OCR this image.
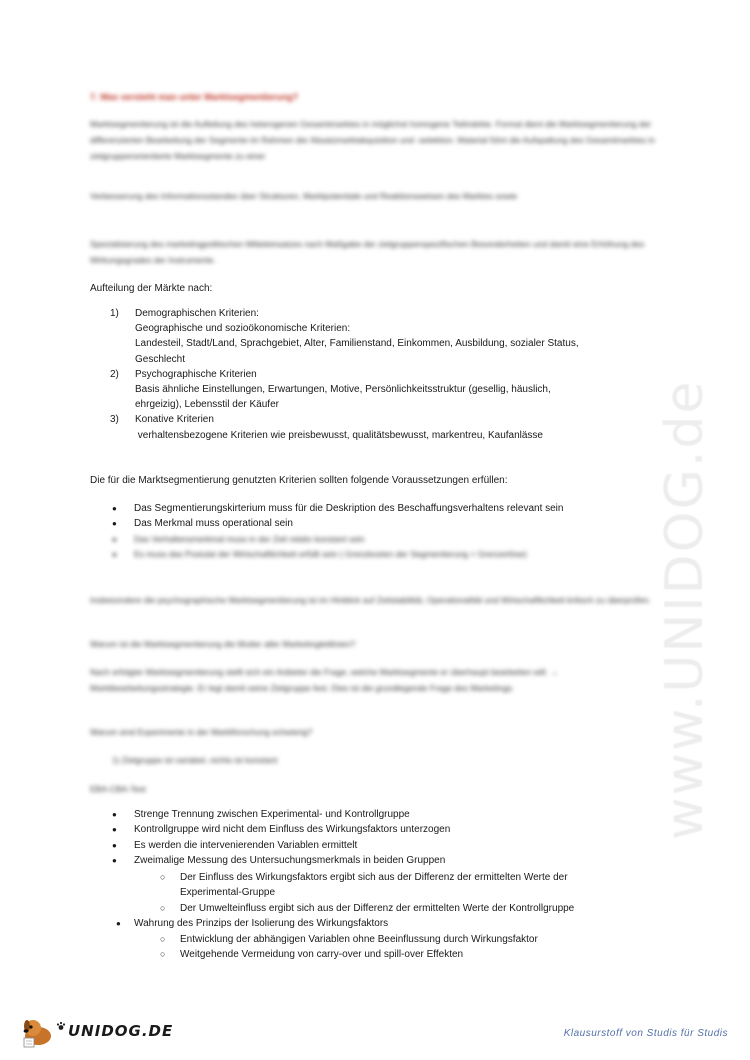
www.UNIDOG.de
7. Was versteht man unter Marktsegmentierung?
Marktsegmentierung ist die Aufteilung des heterogenen Gesamtmarktes in möglichst homogene Teilmärkte. Formal dient die Marktsegmentierung der differenzierten Bearbeitung der Segmente im Rahmen der Absatzmarktakquisition und -selektion. Material führt die Aufspaltung des Gesamtmarktes in zielgruppenorientierte Marktsegmente zu einer
Verbesserung des Informationsstandes über Strukturen, Marktpotentiale und Reaktionsweisen des Marktes sowie
Spezialisierung des marketingpolitischen Mitteleinsatzes nach Maßgabe der zielgruppenspezifischen Besonderheiten und damit eine Erhöhung des Wirkungsgrades der Instrumente.
Aufteilung der Märkte nach:
1)	Demographischen Kriterien:
Geographische und sozioökonomische Kriterien:
Landesteil, Stadt/Land, Sprachgebiet, Alter, Familienstand, Einkommen, Ausbildung, sozialer Status,
Geschlecht
2)	Psychographische Kriterien
Basis ähnliche Einstellungen, Erwartungen, Motive, Persönlichkeitsstruktur (gesellig, häuslich,
ehrgeizig), Lebensstil der Käufer
3)	Konative Kriterien
verhaltensbezogene Kriterien wie preisbewusst, qualitätsbewusst, markentreu, Kaufanlässe
Die für die Marktsegmentierung genutzten Kriterien sollten folgende Voraussetzungen erfüllen:
●	Das Segmentierungskirterium muss für die Deskription des Beschaffungsverhaltens relevant sein
●	Das Merkmal muss operational sein
●	Das Verhaltensmerkmal muss in der Zeit relativ konstant sein
●	Es muss das Postulat der Wirtschaftlichkeit erfüllt sein ( Grenzkosten der Segmentierung < Grenzerlöse)
Insbesondere die psychographische Marktsegmentierung ist im Hinblick auf Zeitstabilität, Operationalität und Wirtschaftlichkeit kritisch zu überprüfen.
Warum ist die Marktsegmentierung die Mutter aller Marketingleitlinien?
Nach erfolgter Marktsegmentierung stellt sich ein Anbieter die Frage, welche Marktsegmente er überhaupt bearbeiten will. → Marktbearbeitungsstrategie. Er legt damit seine Zielgruppe fest. Dies ist die grundlegende Frage des Marketings.
Warum sind Experimente in der Marktforschung schwierig?
1) Zielgruppe ist variabel, nichts ist konstant
EBA-CBA-Test
●	Strenge Trennung zwischen Experimental- und Kontrollgruppe
●	Kontrollgruppe wird nicht dem Einfluss des Wirkungsfaktors unterzogen
●	Es werden die intervenierenden Variablen ermittelt
●	Zweimalige Messung des Untersuchungsmerkmals in beiden Gruppen
○	Der Einfluss des Wirkungsfaktors ergibt sich aus der Differenz der ermittelten Werte der
Experimental-Gruppe
○	Der Umwelteinfluss ergibt sich aus der Differenz der ermittelten Werte der Kontrollgruppe
●	Wahrung des Prinzips der Isolierung des Wirkungsfaktors
○	Entwicklung der abhängigen Variablen ohne Beeinflussung durch Wirkungsfaktor
○	Weitgehende Vermeidung von carry-over und spill-over Effekten
UNIDOG.DE	Klausurstoff von Studis für Studis
